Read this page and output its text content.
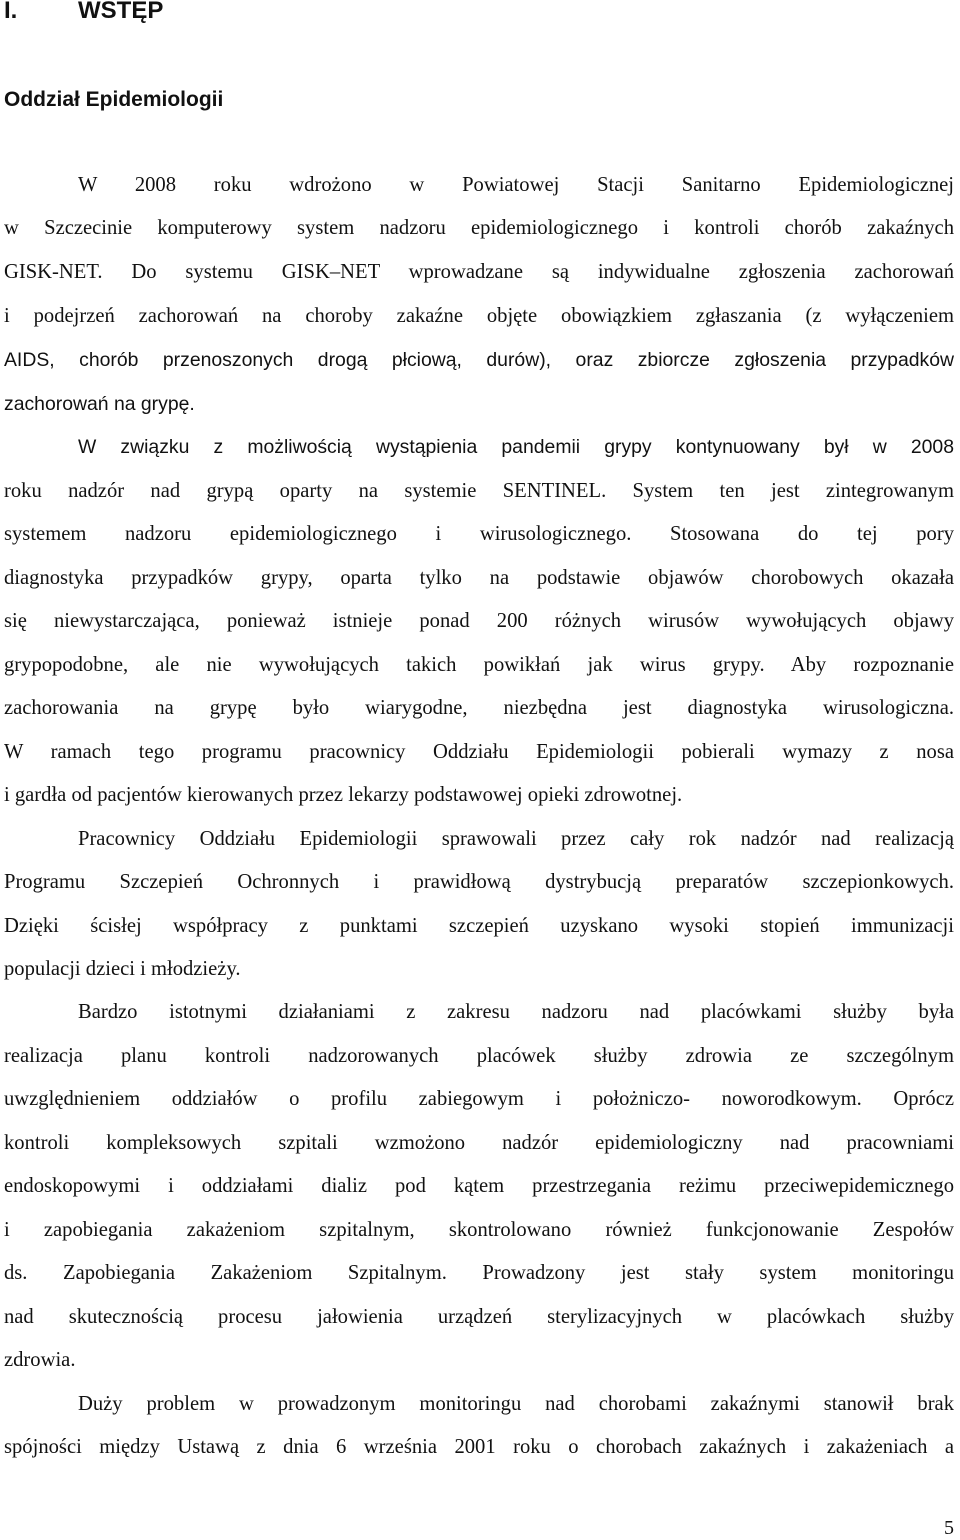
I.	WSTĘP
Oddział Epidemiologii
W 2008 roku wdrożono w Powiatowej Stacji Sanitarno Epidemiologicznej
w Szczecinie komputerowy system nadzoru epidemiologicznego i kontroli chorób zakaźnych
GISK-NET. Do systemu GISK–NET wprowadzane są indywidualne zgłoszenia zachorowań
i podejrzeń zachorowań na choroby zakaźne objęte obowiązkiem zgłaszania (z wyłączeniem
AIDS, chorób przenoszonych drogą płciową, durów), oraz zbiorcze zgłoszenia przypadków
zachorowań na grypę.
W związku z możliwością wystąpienia pandemii grypy kontynuowany był w 2008
roku nadzór nad grypą oparty na systemie SENTINEL. System ten jest zintegrowanym
systemem nadzoru epidemiologicznego i wirusologicznego. Stosowana do tej pory
diagnostyka przypadków grypy, oparta tylko na podstawie objawów chorobowych okazała
się niewystarczająca, ponieważ istnieje ponad 200 różnych wirusów wywołujących objawy
grypopodobne, ale nie wywołujących takich powikłań jak wirus grypy. Aby rozpoznanie
zachorowania na grypę było wiarygodne, niezbędna jest diagnostyka wirusologiczna.
W ramach tego programu pracownicy Oddziału Epidemiologii pobierali wymazy z nosa
i gardła od pacjentów kierowanych przez lekarzy podstawowej opieki zdrowotnej.
Pracownicy Oddziału Epidemiologii sprawowali przez cały rok nadzór nad realizacją
Programu Szczepień Ochronnych i prawidłową dystrybucją preparatów szczepionkowych.
Dzięki ścisłej współpracy z punktami szczepień uzyskano wysoki stopień immunizacji
populacji dzieci i młodzieży.
Bardzo istotnymi działaniami z zakresu nadzoru nad placówkami służby była
realizacja planu kontroli nadzorowanych placówek służby zdrowia ze szczególnym
uwzględnieniem oddziałów o profilu zabiegowym i położniczo- noworodkowym. Oprócz
kontroli kompleksowych szpitali wzmożono nadzór epidemiologiczny nad pracowniami
endoskopowymi i oddziałami dializ pod kątem przestrzegania reżimu przeciwepidemicznego
i zapobiegania zakażeniom szpitalnym, skontrolowano również funkcjonowanie Zespołów
ds. Zapobiegania Zakażeniom Szpitalnym. Prowadzony jest stały system monitoringu
nad skutecznością procesu jałowienia urządzeń sterylizacyjnych w placówkach służby
zdrowia.
Duży problem w prowadzonym monitoringu nad chorobami zakaźnymi stanowił brak
spójności między Ustawą z dnia 6 września 2001 roku o chorobach zakaźnych i zakażeniach a
5
